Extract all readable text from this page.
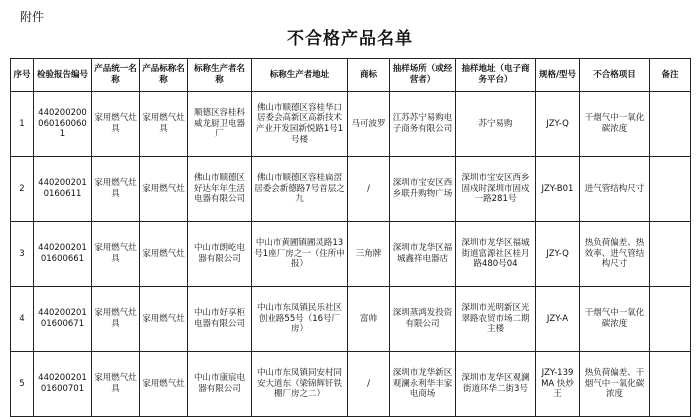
附件
不合格产品名单
序号	检验报告编号	产品统一名称	产品标称名称	标称生产者名称	标称生产者地址	商标	抽样场所（或经营者）	抽样地址（电子商务平台）	规格/型号	不合格项目	备注
1	4402002000601600601	家用燃气灶具	家用燃气灶具	顺德区容桂科威龙厨卫电器厂	佛山市顺德区容桂华口居委会高新区高新技术产业开发园新悦路1号1号楼	马可波罗	江苏苏宁易购电子商务有限公司	苏宁易购	JZY-Q	干烟气中一氧化碳浓度	
2	4402002010160611	家用燃气灶具	家用燃气灶	佛山市顺德区好达年年生活电器有限公司	佛山市顺德区容桂扁滘居委会新德路7号首层之九	/	深圳市宝安区西乡联升购物广场	深圳市宝安区西乡固戍时深圳市固戍一路281号	JZY-B01	进气管结构尺寸	
3	44020020101600661	家用燃气灶具	家用燃气灶	中山市朗屹电器有限公司	中山市黄圃镇圃灵路13号1座厂房之一（住所申报）	三角牌	深圳市龙华区福城鑫祥电器店	深圳市龙华区福城街道富源社区桂月路480号04	JZY-Q	热负荷偏差、热效率、进气管结构尺寸	
4	44020020101600671	家用燃气灶具	家用燃气灶	中山市好享柜电器有限公司	中山市东凤镇民乐社区创业路55号（16号厂房）	富帅	深圳蒸鸿发投资有限公司	深圳市光明新区光翠路农贸市场二期主楼	JZY-A	干烟气中一氧化碳浓度	
5	44020020101600701	家用燃气灶具	家用燃气灶	中山市康宸电器有限公司	中山市东凤镇同安村同安大道东（梁锦辉钎铁棚厂房之二）	/	深圳市龙华新区观澜永利华丰家电商场	深圳市龙华区观澜街道环华二街3号	JZY-139MA 快炒王	热负荷偏差、干烟气中一氧化碳浓度	
